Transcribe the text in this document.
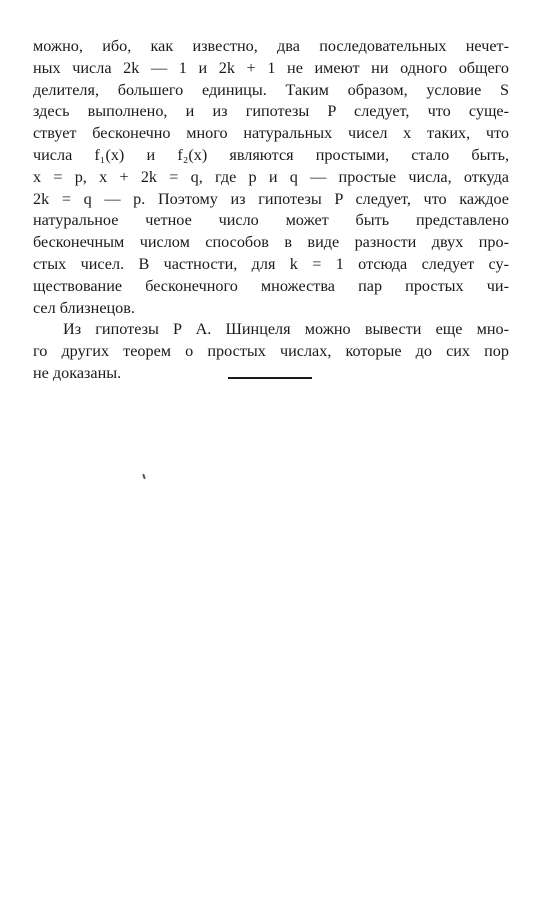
можно, ибо, как известно, два последовательных нечет-
ных числа 2k — 1 и 2k + 1 не имеют ни одного общего
делителя, большего единицы. Таким образом, условие S
здесь выполнено, и из гипотезы P следует, что суще-
ствует бесконечно много натуральных чисел x таких, что
числа f₁(x) и f₂(x) являются простыми, стало быть,
x = p, x + 2k = q, где p и q — простые числа, откуда
2k = q — p. Поэтому из гипотезы P следует, что каждое
натуральное четное число может быть представлено
бесконечным числом способов в виде разности двух про-
стых чисел. В частности, для k = 1 отсюда следует су-
ществование бесконечного множества пар простых чи-
сел близнецов.

Из гипотезы P А. Шинцеля можно вывести еще мно-
го других теорем о простых числах, которые до сих пор
не доказаны.
